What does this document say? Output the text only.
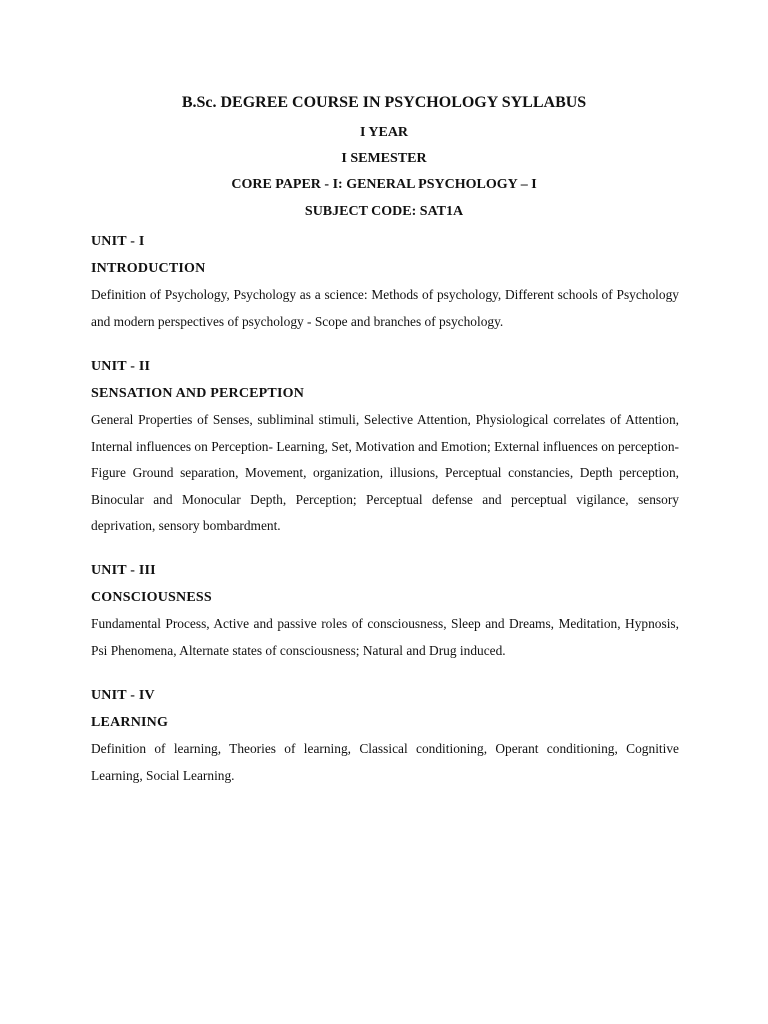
B.Sc. DEGREE COURSE IN PSYCHOLOGY SYLLABUS
I YEAR
I SEMESTER
CORE PAPER - I: GENERAL PSYCHOLOGY – I
SUBJECT CODE: SAT1A
UNIT - I
INTRODUCTION
Definition of Psychology, Psychology as a science: Methods of psychology, Different schools of Psychology and modern perspectives of psychology - Scope and branches of psychology.
UNIT - II
SENSATION AND PERCEPTION
General Properties of Senses, subliminal stimuli, Selective Attention, Physiological correlates of Attention, Internal influences on Perception- Learning, Set, Motivation and Emotion; External influences on perception- Figure Ground separation, Movement, organization, illusions, Perceptual constancies, Depth perception, Binocular and Monocular Depth, Perception; Perceptual defense and perceptual vigilance, sensory deprivation, sensory bombardment.
UNIT - III
CONSCIOUSNESS
Fundamental Process, Active and passive roles of consciousness, Sleep and Dreams, Meditation, Hypnosis, Psi Phenomena, Alternate states of consciousness; Natural and Drug induced.
UNIT - IV
LEARNING
Definition of learning, Theories of learning, Classical conditioning, Operant conditioning, Cognitive Learning, Social Learning.
